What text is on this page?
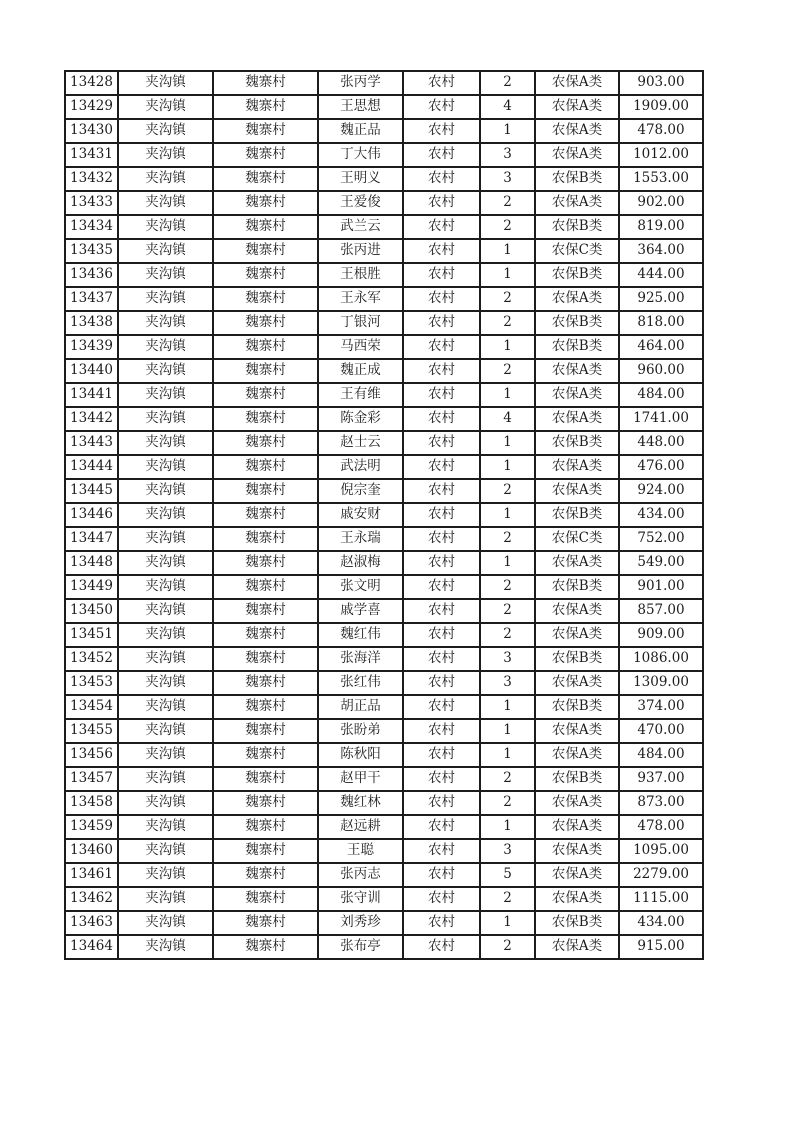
13428	夹沟镇	魏寨村	张丙学	农村	2	农保A类	903.00
13429	夹沟镇	魏寨村	王思想	农村	4	农保A类	1909.00
13430	夹沟镇	魏寨村	魏正品	农村	1	农保A类	478.00
13431	夹沟镇	魏寨村	丁大伟	农村	3	农保A类	1012.00
13432	夹沟镇	魏寨村	王明义	农村	3	农保B类	1553.00
13433	夹沟镇	魏寨村	王爱俊	农村	2	农保A类	902.00
13434	夹沟镇	魏寨村	武兰云	农村	2	农保B类	819.00
13435	夹沟镇	魏寨村	张丙进	农村	1	农保C类	364.00
13436	夹沟镇	魏寨村	王根胜	农村	1	农保B类	444.00
13437	夹沟镇	魏寨村	王永军	农村	2	农保A类	925.00
13438	夹沟镇	魏寨村	丁银河	农村	2	农保B类	818.00
13439	夹沟镇	魏寨村	马西荣	农村	1	农保B类	464.00
13440	夹沟镇	魏寨村	魏正成	农村	2	农保A类	960.00
13441	夹沟镇	魏寨村	王有维	农村	1	农保A类	484.00
13442	夹沟镇	魏寨村	陈金彩	农村	4	农保A类	1741.00
13443	夹沟镇	魏寨村	赵士云	农村	1	农保B类	448.00
13444	夹沟镇	魏寨村	武法明	农村	1	农保A类	476.00
13445	夹沟镇	魏寨村	倪宗奎	农村	2	农保A类	924.00
13446	夹沟镇	魏寨村	戚安财	农村	1	农保B类	434.00
13447	夹沟镇	魏寨村	王永瑞	农村	2	农保C类	752.00
13448	夹沟镇	魏寨村	赵淑梅	农村	1	农保A类	549.00
13449	夹沟镇	魏寨村	张文明	农村	2	农保B类	901.00
13450	夹沟镇	魏寨村	戚学喜	农村	2	农保A类	857.00
13451	夹沟镇	魏寨村	魏红伟	农村	2	农保A类	909.00
13452	夹沟镇	魏寨村	张海洋	农村	3	农保B类	1086.00
13453	夹沟镇	魏寨村	张红伟	农村	3	农保A类	1309.00
13454	夹沟镇	魏寨村	胡正品	农村	1	农保B类	374.00
13455	夹沟镇	魏寨村	张盼弟	农村	1	农保A类	470.00
13456	夹沟镇	魏寨村	陈秋阳	农村	1	农保A类	484.00
13457	夹沟镇	魏寨村	赵甲干	农村	2	农保B类	937.00
13458	夹沟镇	魏寨村	魏红林	农村	2	农保A类	873.00
13459	夹沟镇	魏寨村	赵远耕	农村	1	农保A类	478.00
13460	夹沟镇	魏寨村	王聪	农村	3	农保A类	1095.00
13461	夹沟镇	魏寨村	张丙志	农村	5	农保A类	2279.00
13462	夹沟镇	魏寨村	张守训	农村	2	农保A类	1115.00
13463	夹沟镇	魏寨村	刘秀珍	农村	1	农保B类	434.00
13464	夹沟镇	魏寨村	张布亭	农村	2	农保A类	915.00
